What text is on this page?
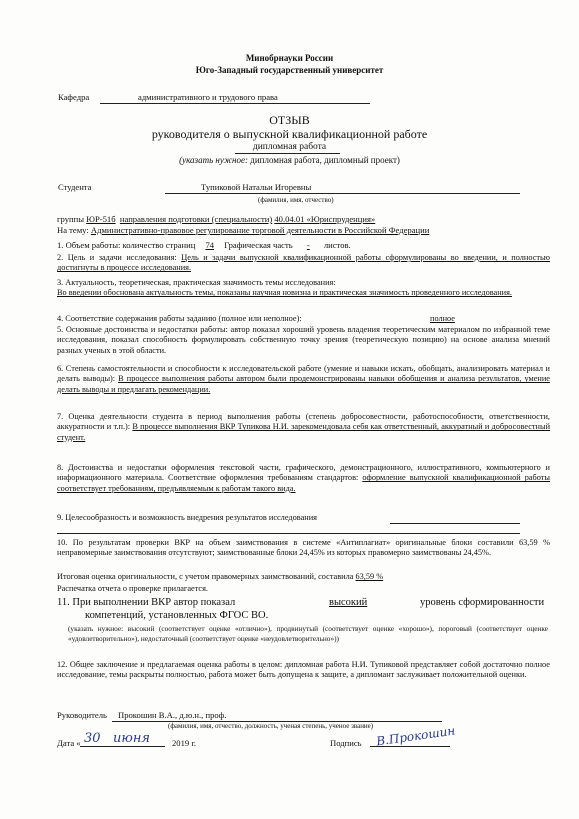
Минобрнауки России
Юго-Западный государственный университет
Кафедра	административного и трудового права
ОТЗЫВ
руководителя о выпускной квалификационной работе
дипломная работа
(указать нужное: дипломная работа, дипломный проект)
Студента	Тупиковой Натальи Игоревны
(фамилия, имя, отчество)
группы ЮР-51б направления подготовки (специальности) 40.04.01 «Юриспруденция»
На тему: Административно-правовое регулирование торговой деятельности в Российской Федерации
1. Объем работы: количество страниц 74 Графическая часть - листов.
2. Цель и задачи исследования: Цель и задачи выпускной квалификационной работы сформулированы во введении, и полностью достигнуты в процессе исследования.
3. Актуальность, теоретическая, практическая значимость темы исследования:
Во введении обоснована актуальность темы, показаны научная новизна и практическая значимость проведенного исследования.
4. Соответствие содержания работы заданию (полное или неполное):	полное
5. Основные достоинства и недостатки работы: автор показал хороший уровень владения теоретическим материалом по избранной теме исследования, показал способность формулировать собственную точку зрения (теоретическую позицию) на основе анализа мнений разных ученых в этой области.
6. Степень самостоятельности и способности к исследовательской работе (умение и навыки искать, обобщать, анализировать материал и делать выводы): В процессе выполнения работы автором были продемонстрированы навыки обобщения и анализа результатов, умение делать выводы и предлагать рекомендации.
7. Оценка деятельности студента в период выполнения работы (степень добросовестности, работоспособности, ответственности, аккуратности и т.п.): В процессе выполнения ВКР Тупикова Н.И. зарекомендовала себя как ответственный, аккуратный и добросовестный студент.
8. Достоинства и недостатки оформления текстовой части, графического, демонстрационного, иллюстративного, компьютерного и информационного материала. Соответствие оформления требованиям стандартов: оформление выпускной квалификационной работы соответствует требованиям, предъявляемым к работам такого вида.
9. Целесообразность и возможность внедрения результатов исследования
10. По результатам проверки ВКР на объем заимствования в системе «Антиплагиат» оригинальные блоки составили 63,59 % неправомерные заимствования отсутствуют; заимствованные блоки 24,45% из которых правомерно заимствованы 24,45%.
Итоговая оценка оригинальности, с учетом правомерных заимствований, составила 63,59 %
Распечатка отчета о проверке прилагается.
11. При выполнении ВКР автор показал	высокий	уровень сформированности
компетенций, установленных ФГОС ВО.
(указать нужное: высокий (соответствует оценке «отлично»), продвинутый (соответствует оценке «хорошо»), пороговый (соответствует оценке «удовлетворительно»), недостаточный (соответствует оценке «неудовлетворительно»))
12. Общее заключение и предлагаемая оценка работы в целом: дипломная работа Н.И. Тупиковой представляет собой достаточно полное исследование, темы раскрыты полностью, работа может быть допущена к защите, а дипломант заслуживает положительной оценки.
Руководитель Прокошин В.А., д.ю.н., проф.
(фамилия, имя, отчество, должность, ученая степень, ученое звание)
Дата « 30 июня	2019 г.	Подпись В.Прокошин
